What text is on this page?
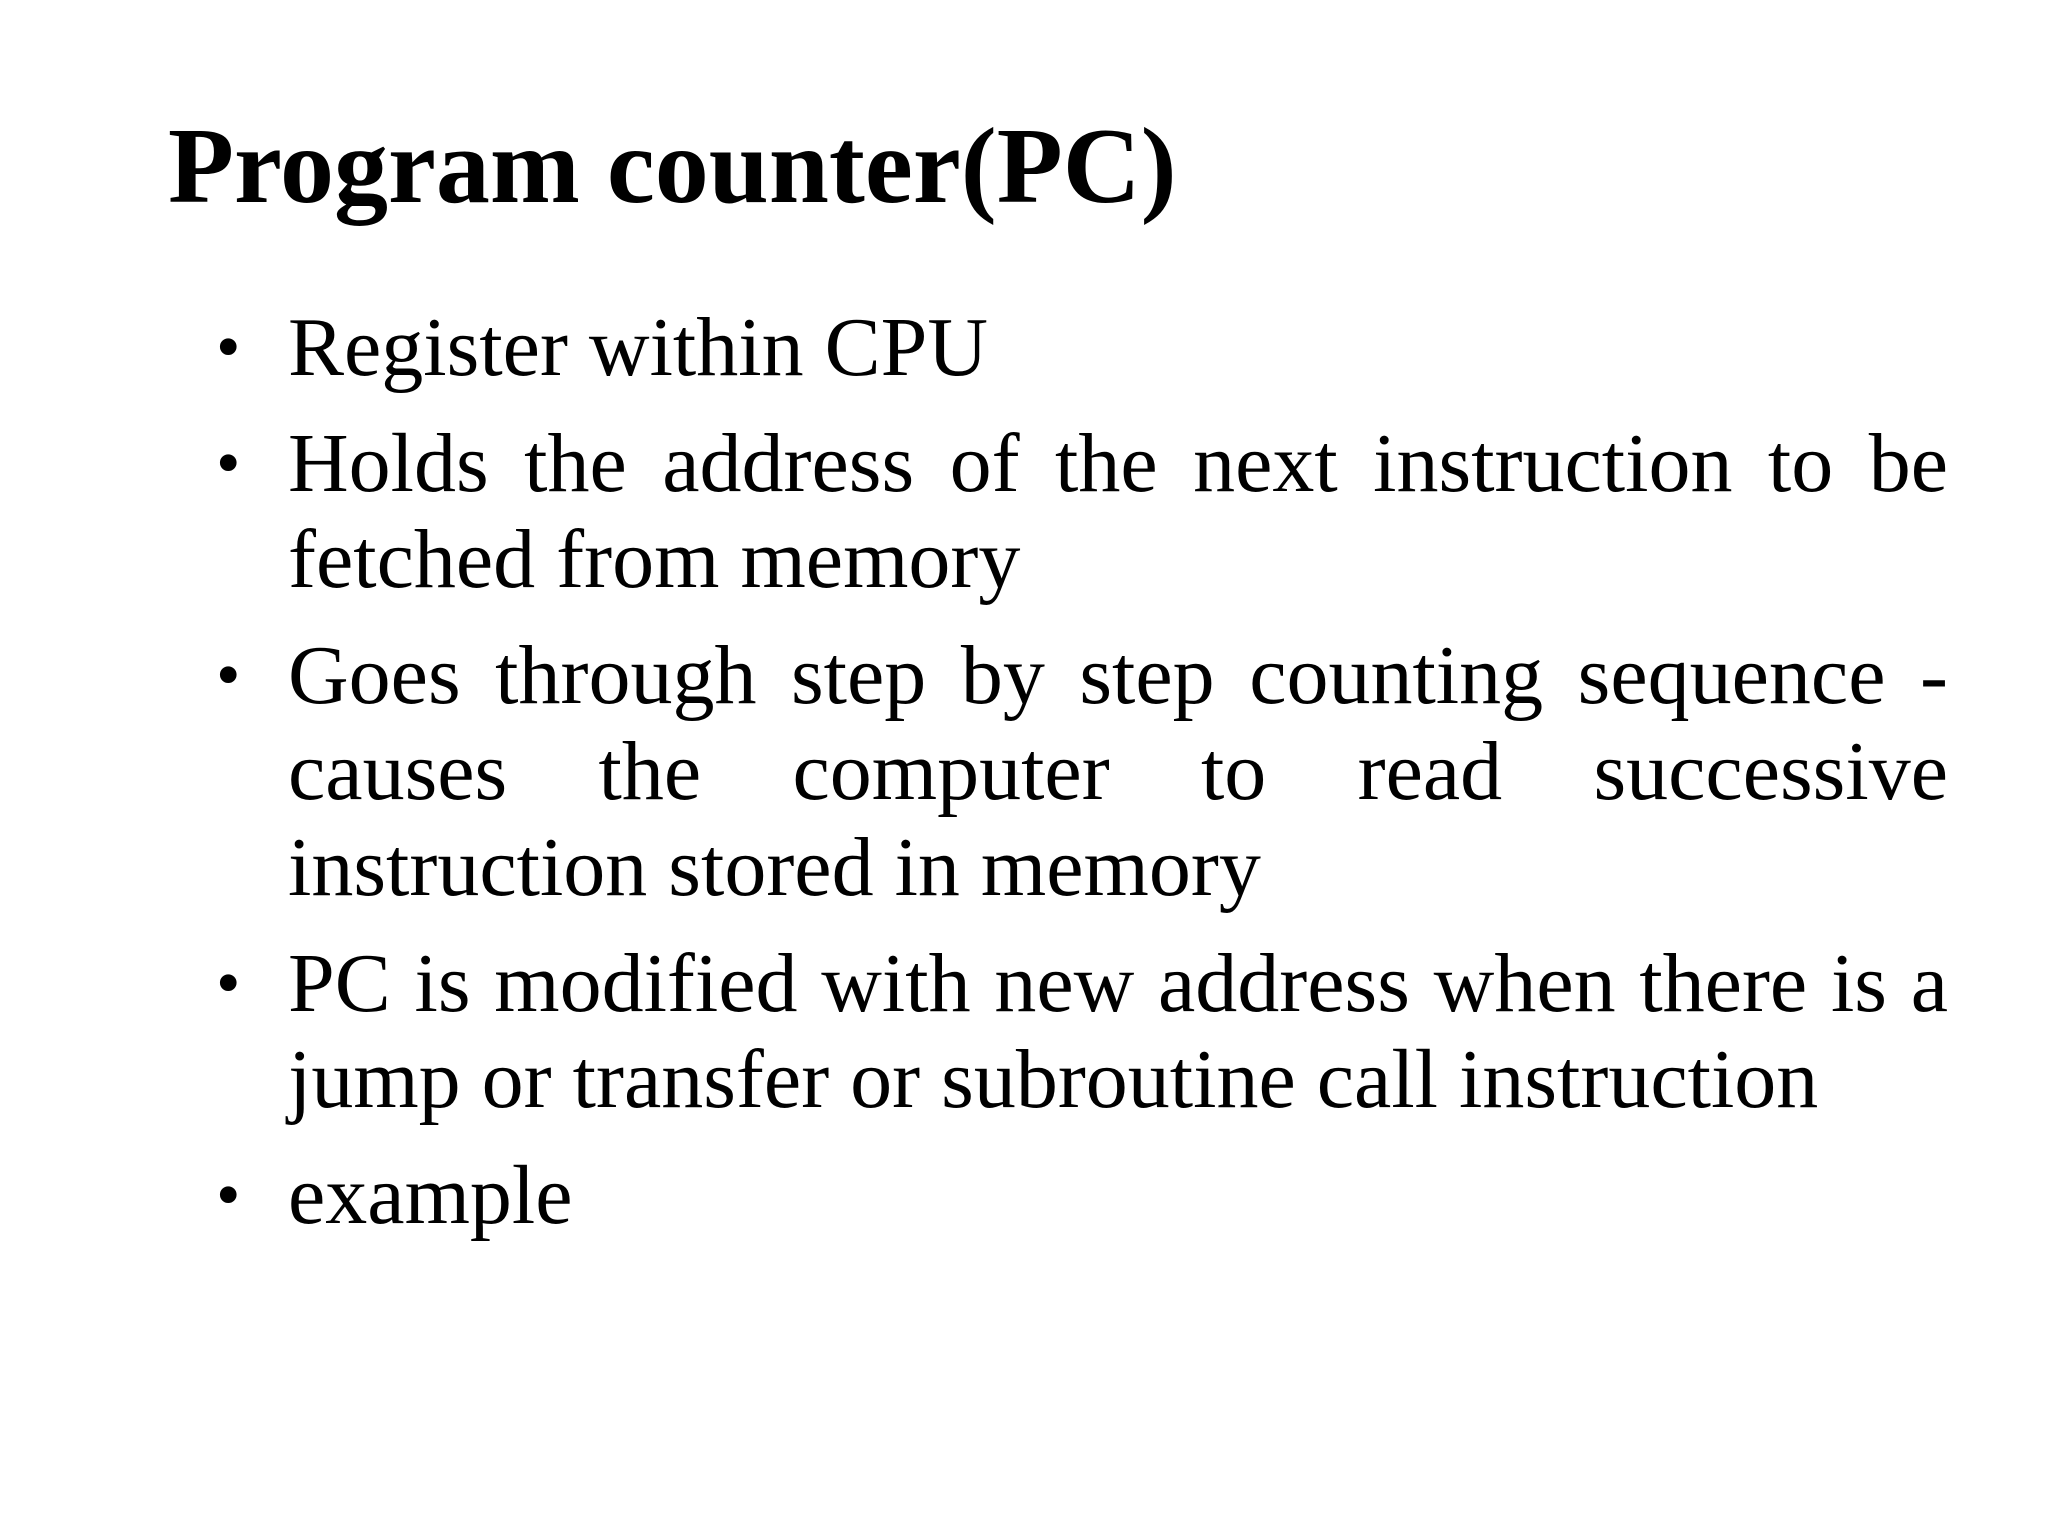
Program counter(PC)
• Register within CPU
• Holds the address of the next instruction to be fetched from memory
• Goes through step by step counting sequence - causes the computer to read successive instruction stored in memory
• PC is modified with new address when there is a jump or transfer or subroutine call instruction
• example
